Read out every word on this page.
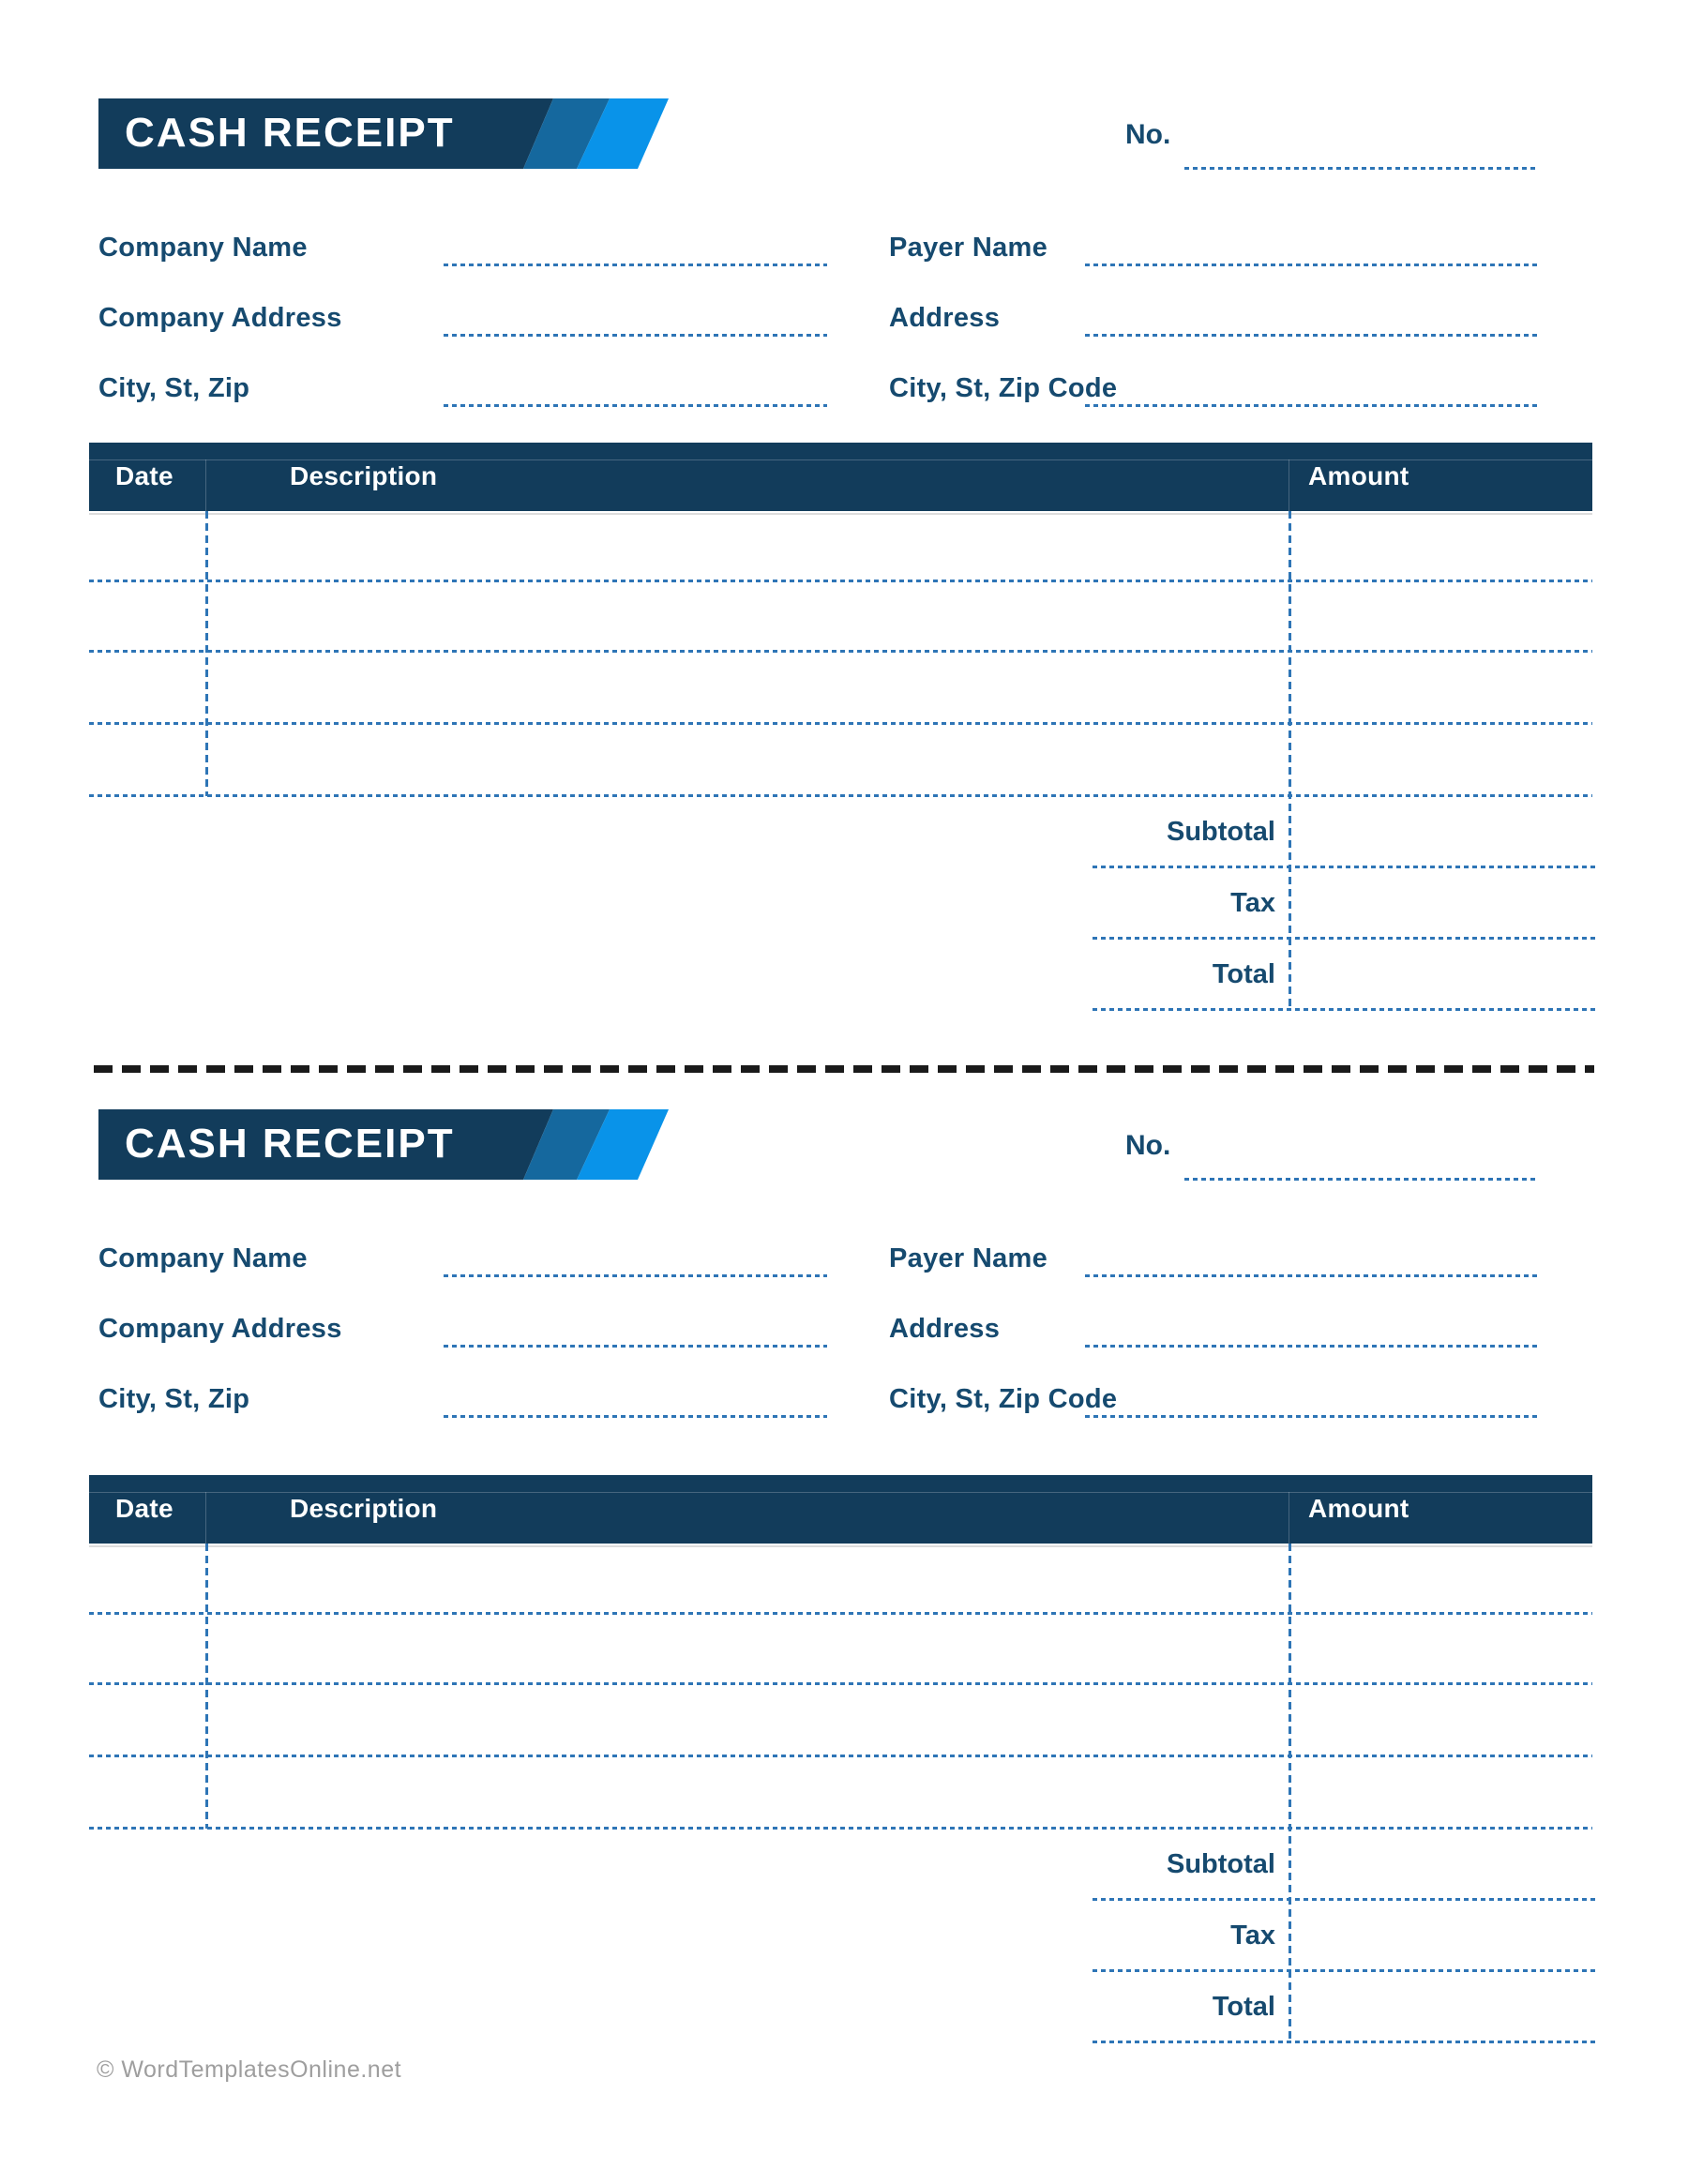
CASH RECEIPT	No.
Company Name	Payer Name
Company Address	Address
City, St, Zip	City, St, Zip Code
Date	Description	Amount
Subtotal
Tax
Total
CASH RECEIPT	No.
Company Name	Payer Name
Company Address	Address
City, St, Zip	City, St, Zip Code
Date	Description	Amount
Subtotal
Tax
Total
© WordTemplatesOnline.net
